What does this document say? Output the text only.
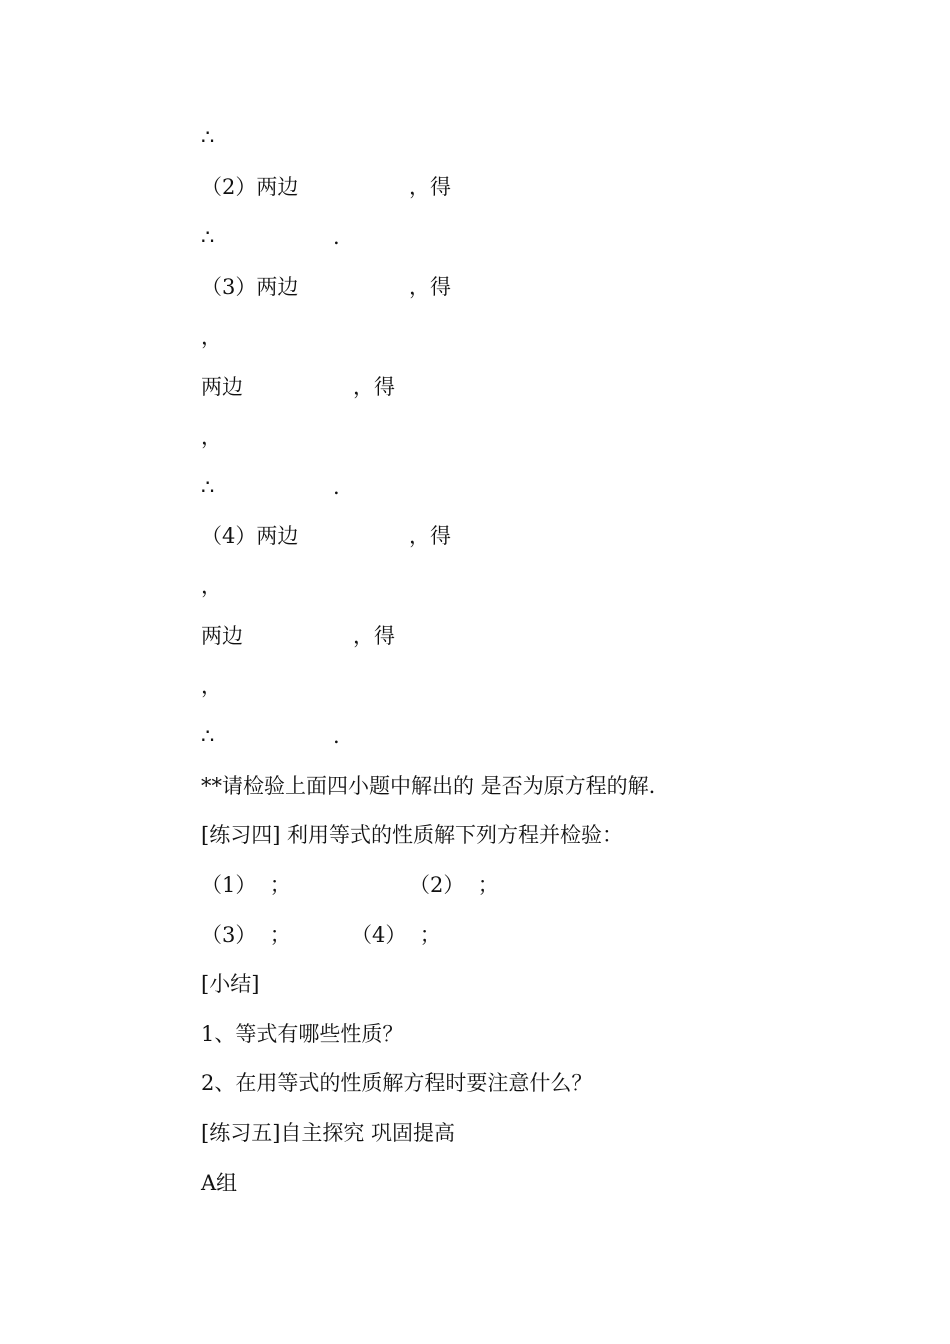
∴

（2）两边

	，得

∴

	.

（3）两边

	，得

，

两边

	，得

，

∴

	.

（4）两边

	，得

，

两边

	，得

，

∴

	.

**请检验上面四小题中解出的 是否为原方程的解.

[练习四] 利用等式的性质解下列方程并检验：

（1）  ；

	（2）  ；

（3）  ；

	（4）  ；

[小结]

1、等式有哪些性质？

2、在用等式的性质解方程时要注意什么？

[练习五]自主探究 巩固提高

A组
